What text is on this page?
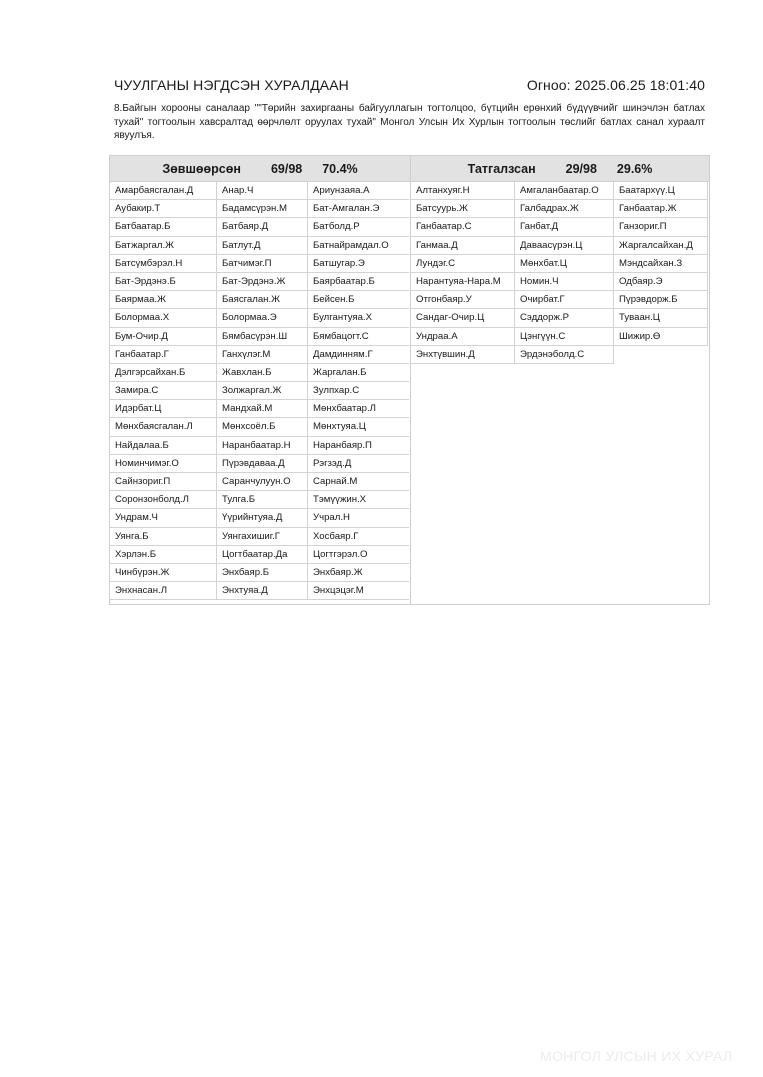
ЧУУЛГАНЫ НЭГДСЭН ХУРАЛДААН	Огноо: 2025.06.25 18:01:40
8.Байгын хорооны саналаар ""Төрийн захиргааны байгууллагын тогтолцоо, бүтцийн ерөнхий бүдүүвчийг шинэчлэн батлах тухай" тогтоолын хавсралтад өөрчлөлт оруулах тухай" Монгол Улсын Их Хурлын тогтоолын төслийг батлах санал хураалт явуулъя.
Зөвшөөрсөн 69/98 70.4%
Амарбаясгалан.Д	Анар.Ч	Ариунзаяа.А
Аубакир.Т	Бадамсүрэн.М	Бат-Амгалан.Э
Батбаатар.Б	Батбаяр.Д	Батболд.Р
Батжаргал.Ж	Батлут.Д	Батнайрамдал.О
Батсүмбэрэл.Н	Батчимэг.П	Батшугар.Э
Бат-Эрдэнэ.Б	Бат-Эрдэнэ.Ж	Баярбаатар.Б
Баярмаа.Ж	Баясгалан.Ж	Бейсен.Б
Болормаа.Х	Болормаа.Э	Булгантуяа.Х
Бум-Очир.Д	Бямбасүрэн.Ш	Бямбацогт.С
Ганбаатар.Г	Ганхүлэг.М	Дамдинням.Г
Дэлгэрсайхан.Б	Жавхлан.Б	Жаргалан.Б
Замира.С	Золжаргал.Ж	Зулпхар.С
Идэрбат.Ц	Мандхай.М	Мөнхбаатар.Л
Мөнхбаясгалан.Л	Мөнхсоёл.Б	Мөнхтуяа.Ц
Найдалаа.Б	Наранбаатар.Н	Наранбаяр.П
Номинчимэг.О	Пүрэвдаваа.Д	Рэгзэд.Д
Сайнзориг.П	Саранчулуун.О	Сарнай.М
Соронзонболд.Л	Тулга.Б	Тэмүүжин.Х
Ундрам.Ч	Үүрийнтуяа.Д	Учрал.Н
Уянга.Б	Уянгахишиг.Г	Хосбаяр.Г
Хэрлэн.Б	Цогтбаатар.Да	Цогтгэрэл.О
Чинбүрэн.Ж	Энхбаяр.Б	Энхбаяр.Ж
Энхнасан.Л	Энхтуяа.Д	Энхцэцэг.М
Татгалзсан 29/98 29.6%
Алтанхуяг.Н	Амгаланбаатар.О	Баатархүү.Ц
Батсуурь.Ж	Галбадрах.Ж	Ганбаатар.Ж
Ганбаатар.С	Ганбат.Д	Ганзориг.П
Ганмаа.Д	Даваасүрэн.Ц	Жаргалсайхан.Д
Лундэг.С	Мөнхбат.Ц	Мэндсайхан.З
Нарантуяа-Нара.М	Номин.Ч	Одбаяр.Э
Отгонбаяр.У	Очирбат.Г	Пүрэвдорж.Б
Сандаг-Очир.Ц	Сэддорж.Р	Туваан.Ц
Ундраа.А	Цэнгүүн.С	Шижир.Ө
Энхтүвшин.Д	Эрдэнэболд.С
МОНГОЛ УЛСЫН ИХ ХУРАЛ
